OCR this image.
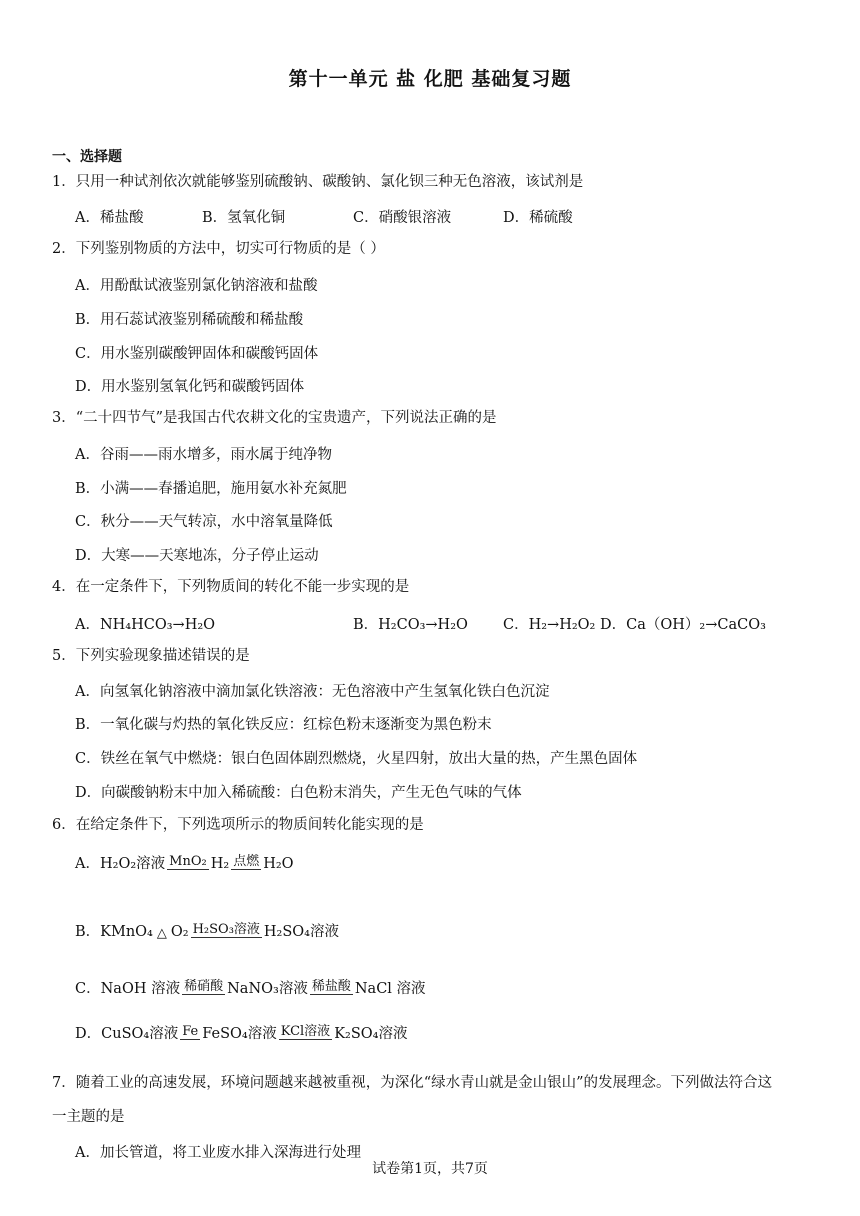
第十一单元 盐 化肥 基础复习题
一、选择题
1．只用一种试剂依次就能够鉴别硫酸钠、碳酸钠、氯化钡三种无色溶液，该试剂是
A．稀盐酸	B．氢氧化铜	C．硝酸银溶液	D．稀硫酸
2．下列鉴别物质的方法中，切实可行物质的是（ ）
A．用酚酞试液鉴别氯化钠溶液和盐酸
B．用石蕊试液鉴别稀硫酸和稀盐酸
C．用水鉴别碳酸钾固体和碳酸钙固体
D．用水鉴别氢氧化钙和碳酸钙固体
3．“二十四节气”是我国古代农耕文化的宝贵遗产，下列说法正确的是
A．谷雨——雨水增多，雨水属于纯净物
B．小满——春播追肥，施用氨水补充氮肥
C．秋分——天气转凉，水中溶氧量降低
D．大寒——天寒地冻，分子停止运动
4．在一定条件下，下列物质间的转化不能一步实现的是
A．NH₄HCO₃→H₂O	B．H₂CO₃→H₂O C．H₂→H₂O₂ D．Ca（OH）₂→CaCO₃
5．下列实验现象描述错误的是
A．向氢氧化钠溶液中滴加氯化铁溶液：无色溶液中产生氢氧化铁白色沉淀
B．一氧化碳与灼热的氧化铁反应：红棕色粉末逐渐变为黑色粉末
C．铁丝在氧气中燃烧：银白色固体剧烈燃烧，火星四射，放出大量的热，产生黑色固体
D．向碳酸钠粉末中加入稀硫酸：白色粉末消失，产生无色气味的气体
6．在给定条件下，下列选项所示的物质间转化能实现的是
A．H₂O₂溶液 MnO₂ H₂ 点燃 H₂O
B．KMnO₄ △ O₂ H₂SO₃溶液 H₂SO₄溶液
C．NaOH 溶液 稀硝酸 NaNO₃溶液 稀盐酸 NaCl 溶液
D．CuSO₄溶液 Fe FeSO₄溶液 KCl溶液 K₂SO₄溶液
7．随着工业的高速发展，环境问题越来越被重视，为深化“绿水青山就是金山银山”的发展理念。下列做法符合这
一主题的是
A．加长管道，将工业废水排入深海进行处理
试卷第1页，共7页
